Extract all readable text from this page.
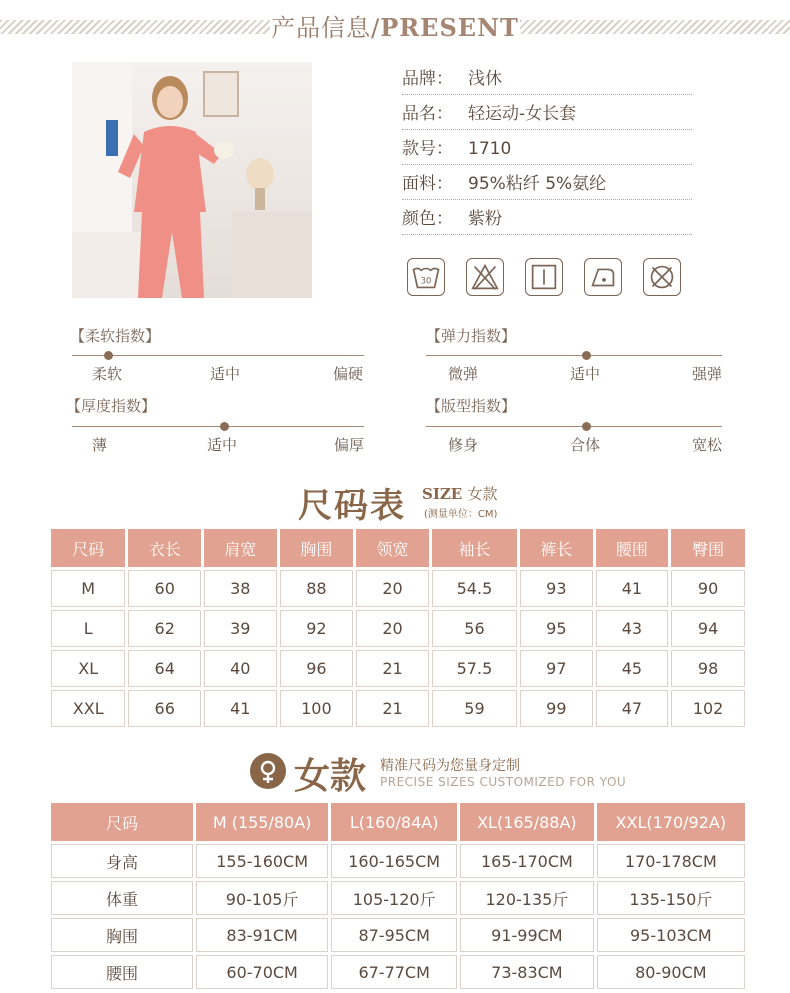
产品信息/PRESENT
品牌： 浅休
品名： 轻运动-女长套
款号： 1710
面料： 95%粘纤 5%氨纶
颜色： 紫粉
30
【柔软指数】
柔软	适中	偏硬
【弹力指数】
微弹	适中	强弹
【厚度指数】
薄	适中	偏厚
【版型指数】
修身	合体	宽松
尺码表 SIZE 女款
(测量单位：CM)
尺码	衣长	肩宽	胸围	领宽	袖长	裤长	腰围	臀围
M	60	38	88	20	54.5	93	41	90
L	62	39	92	20	56	95	43	94
XL	64	40	96	21	57.5	97	45	98
XXL	66	41	100	21	59	99	47	102
女款 精准尺码为您量身定制
PRECISE SIZES CUSTOMIZED FOR YOU
尺码	M (155/80A)	L(160/84A)	XL(165/88A)	XXL(170/92A)
身高	155-160CM	160-165CM	165-170CM	170-178CM
体重	90-105斤	105-120斤	120-135斤	135-150斤
胸围	83-91CM	87-95CM	91-99CM	95-103CM
腰围	60-70CM	67-77CM	73-83CM	80-90CM
